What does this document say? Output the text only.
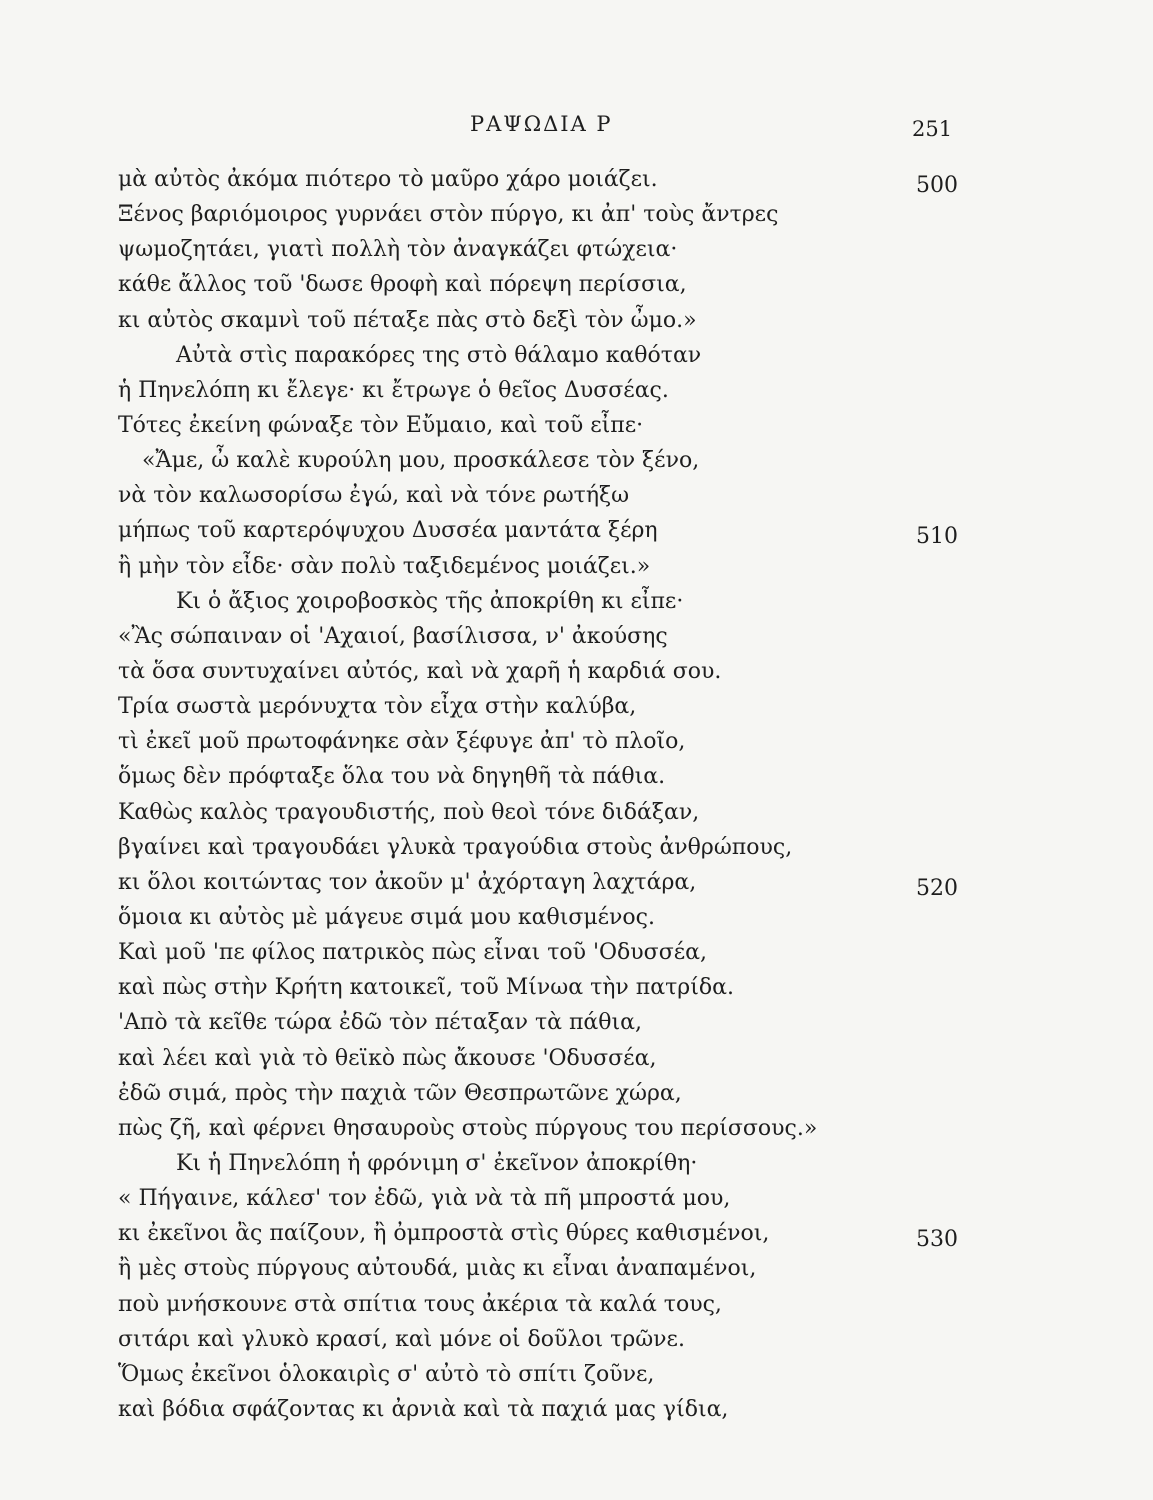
ΡΑΨΩΔΙΑ Ρ	251
μὰ αὐτὸς ἀκόμα πιότερο τὸ μαῦρο χάρο μοιάζει.	500
Ξένος βαριόμοιρος γυρνάει στὸν πύργο, κι ἀπ' τοὺς ἄντρες
ψωμοζητάει, γιατὶ πολλὴ τὸν ἀναγκάζει φτώχεια·
κάθε ἄλλος τοῦ 'δωσε θροφὴ καὶ πόρεψη περίσσια,
κι αὐτὸς σκαμνὶ τοῦ πέταξε πὰς στὸ δεξὶ τὸν ὦμο.»
Αὐτὰ στὶς παρακόρες της στὸ θάλαμο καθόταν
ἡ Πηνελόπη κι ἔλεγε· κι ἔτρωγε ὁ θεῖος Δυσσέας.
Τότες ἐκείνη φώναξε τὸν Εὔμαιο, καὶ τοῦ εἶπε·
«Ἄμε, ὦ καλὲ κυρούλη μου, προσκάλεσε τὸν ξένο,
νὰ τὸν καλωσορίσω ἐγώ, καὶ νὰ τόνε ρωτήξω
μήπως τοῦ καρτερόψυχου Δυσσέα μαντάτα ξέρη	510
ἢ μὴν τὸν εἶδε· σὰν πολὺ ταξιδεμένος μοιάζει.»
Κι ὁ ἄξιος χοιροβοσκὸς τῆς ἀποκρίθη κι εἶπε·
«Ἂς σώπαιναν οἱ 'Αχαιοί, βασίλισσα, ν' ἀκούσης
τὰ ὅσα συντυχαίνει αὐτός, καὶ νὰ χαρῆ ἡ καρδιά σου.
Τρία σωστὰ μερόνυχτα τὸν εἶχα στὴν καλύβα,
τὶ ἐκεῖ μοῦ πρωτοφάνηκε σὰν ξέφυγε ἀπ' τὸ πλοῖο,
ὅμως δὲν πρόφταξε ὅλα του νὰ δηγηθῆ τὰ πάθια.
Καθὼς καλὸς τραγουδιστής, ποὺ θεοὶ τόνε διδάξαν,
βγαίνει καὶ τραγουδάει γλυκὰ τραγούδια στοὺς ἀνθρώπους,
κι ὅλοι κοιτώντας τον ἀκοῦν μ' ἀχόρταγη λαχτάρα,	520
ὅμοια κι αὐτὸς μὲ μάγευε σιμά μου καθισμένος.
Καὶ μοῦ 'πε φίλος πατρικὸς πὼς εἶναι τοῦ 'Οδυσσέα,
καὶ πὼς στὴν Κρήτη κατοικεῖ, τοῦ Μίνωα τὴν πατρίδα.
'Απὸ τὰ κεῖθε τώρα ἐδῶ τὸν πέταξαν τὰ πάθια,
καὶ λέει καὶ γιὰ τὸ θεϊκὸ πὼς ἄκουσε 'Οδυσσέα,
ἐδῶ σιμά, πρὸς τὴν παχιὰ τῶν Θεσπρωτῶνε χώρα,
πὼς ζῆ, καὶ φέρνει θησαυροὺς στοὺς πύργους του περίσσους.»
Κι ἡ Πηνελόπη ἡ φρόνιμη σ' ἐκεῖνον ἀποκρίθη·
« Πήγαινε, κάλεσ' τον ἐδῶ, γιὰ νὰ τὰ πῆ μπροστά μου,
κι ἐκεῖνοι ἂς παίζουν, ἢ ὀμπροστὰ στὶς θύρες καθισμένοι,	530
ἢ μὲς στοὺς πύργους αὐτουδά, μιὰς κι εἶναι ἀναπαμένοι,
ποὺ μνήσκουνε στὰ σπίτια τους ἀκέρια τὰ καλά τους,
σιτάρι καὶ γλυκὸ κρασί, καὶ μόνε οἱ δοῦλοι τρῶνε.
Ὅμως ἐκεῖνοι ὁλοκαιρὶς σ' αὐτὸ τὸ σπίτι ζοῦνε,
καὶ βόδια σφάζοντας κι ἀρνιὰ καὶ τὰ παχιά μας γίδια,
